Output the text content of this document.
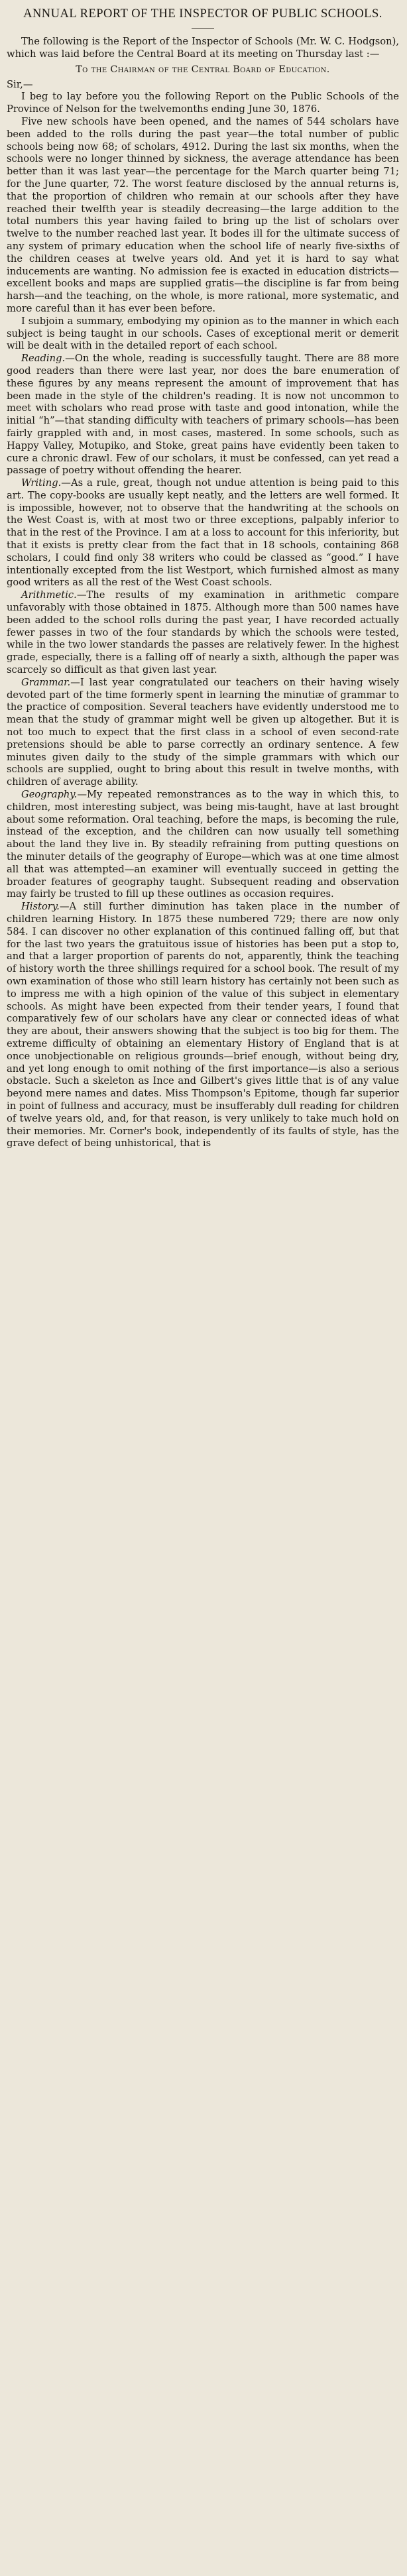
ANNUAL REPORT OF THE INSPECTOR OF PUBLIC SCHOOLS.

The following is the Report of the Inspector of Schools (Mr. W. C. Hodgson), which was laid before the Central Board at its meeting on Thursday last :—

To the Chairman of the Central Board of Education.

Sir,—

I beg to lay before you the following Report on the Public Schools of the Province of Nelson for the twelvemonths ending June 30, 1876.

Five new schools have been opened, and the names of 544 scholars have been added to the rolls during the past year—the total number of public schools being now 68; of scholars, 4912. During the last six months, when the schools were no longer thinned by sickness, the average attendance has been better than it was last year—the percentage for the March quarter being 71; for the June quarter, 72. The worst feature disclosed by the annual returns is, that the proportion of children who remain at our schools after they have reached their twelfth year is steadily decreasing—the large addition to the total numbers this year having failed to bring up the list of scholars over twelve to the number reached last year. It bodes ill for the ultimate success of any system of primary education when the school life of nearly five-sixths of the children ceases at twelve years old. And yet it is hard to say what inducements are wanting. No admission fee is exacted in education districts—excellent books and maps are supplied gratis—the discipline is far from being harsh—and the teaching, on the whole, is more rational, more systematic, and more careful than it has ever been before.

I subjoin a summary, embodying my opinion as to the manner in which each subject is being taught in our schools. Cases of exceptional merit or demerit will be dealt with in the detailed report of each school.

Reading.—On the whole, reading is successfully taught. There are 88 more good readers than there were last year, nor does the bare enumeration of these figures by any means represent the amount of improvement that has been made in the style of the children's reading. It is now not uncommon to meet with scholars who read prose with taste and good intonation, while the initial “h”—that standing difficulty with teachers of primary schools—has been fairly grappled with and, in most cases, mastered. In some schools, such as Happy Valley, Motupiko, and Stoke, great pains have evidently been taken to cure a chronic drawl. Few of our scholars, it must be confessed, can yet read a passage of poetry without offending the hearer.

Writing.—As a rule, great, though not undue attention is being paid to this art. The copy-books are usually kept neatly, and the letters are well formed. It is impossible, however, not to observe that the handwriting at the schools on the West Coast is, with at most two or three exceptions, palpably inferior to that in the rest of the Province. I am at a loss to account for this inferiority, but that it exists is pretty clear from the fact that in 18 schools, containing 868 scholars, I could find only 38 writers who could be classed as “good.” I have intentionally excepted from the list Westport, which furnished almost as many good writers as all the rest of the West Coast schools.

Arithmetic.—The results of my examination in arithmetic compare unfavorably with those obtained in 1875. Although more than 500 names have been added to the school rolls during the past year, I have recorded actually fewer passes in two of the four standards by which the schools were tested, while in the two lower standards the passes are relatively fewer. In the highest grade, especially, there is a falling off of nearly a sixth, although the paper was scarcely so difficult as that given last year.

Grammar.—I last year congratulated our teachers on their having wisely devoted part of the time formerly spent in learning the minutiæ of grammar to the practice of composition. Several teachers have evidently understood me to mean that the study of grammar might well be given up altogether. But it is not too much to expect that the first class in a school of even second-rate pretensions should be able to parse correctly an ordinary sentence. A few minutes given daily to the study of the simple grammars with which our schools are supplied, ought to bring about this result in twelve months, with children of average ability.

Geography.—My repeated remonstrances as to the way in which this, to children, most interesting subject, was being mis-taught, have at last brought about some reformation. Oral teaching, before the maps, is becoming the rule, instead of the exception, and the children can now usually tell something about the land they live in. By steadily refraining from putting questions on the minuter details of the geography of Europe—which was at one time almost all that was attempted—an examiner will eventually succeed in getting the broader features of geography taught. Subsequent reading and observation may fairly be trusted to fill up these outlines as occasion requires.

History.—A still further diminution has taken place in the number of children learning History. In 1875 these numbered 729; there are now only 584. I can discover no other explanation of this continued falling off, but that for the last two years the gratuitous issue of histories has been put a stop to, and that a larger proportion of parents do not, apparently, think the teaching of history worth the three shillings required for a school book. The result of my own examination of those who still learn history has certainly not been such as to impress me with a high opinion of the value of this subject in elementary schools. As might have been expected from their tender years, I found that comparatively few of our scholars have any clear or connected ideas of what they are about, their answers showing that the subject is too big for them. The extreme difficulty of obtaining an elementary History of England that is at once unobjectionable on religious grounds—brief enough, without being dry, and yet long enough to omit nothing of the first importance—is also a serious obstacle. Such a skeleton as Ince and Gilbert's gives little that is of any value beyond mere names and dates. Miss Thompson's Epitome, though far superior in point of fullness and accuracy, must be insufferably dull reading for children of twelve years old, and, for that reason, is very unlikely to take much hold on their memories. Mr. Corner's book, independently of its faults of style, has the grave defect of being unhistorical, that is
